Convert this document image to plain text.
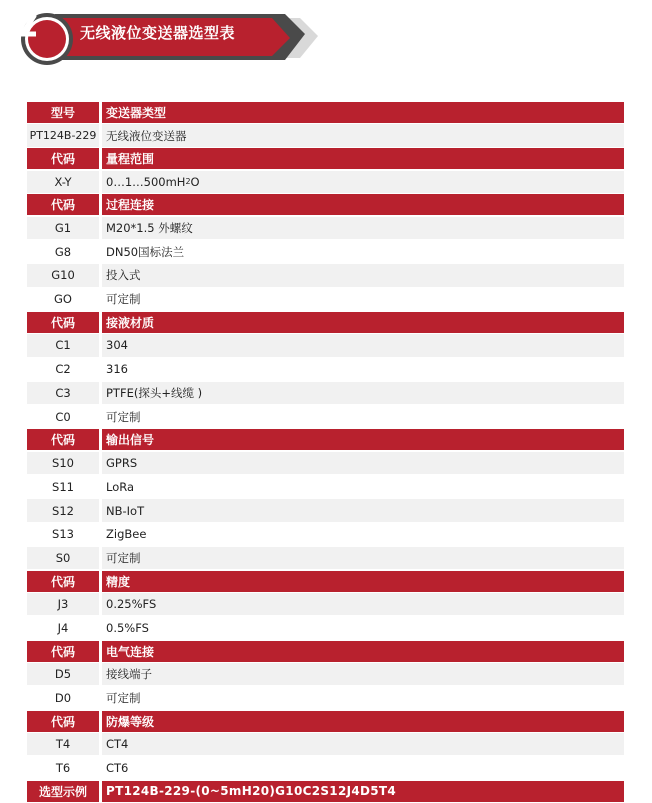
无线液位变送器选型表
型号	变送器类型
PT124B-229 无线液位变送器
代码	量程范围
X-Y	0…1…500mH 2 O
代码	过程连接
G1	M20*1.5 外螺纹
G8	DN50国标法兰
G10	投入式
GO	可定制
代码	接液材质
C1	304
C2	316
C3	PTFE(探头+线缆 )
C0	可定制
代码	输出信号
S10	GPRS
S11	LoRa
S12	NB-IoT
S13	ZigBee
S0	可定制
代码	精度
J3	0.25%FS
J4	0.5%FS
代码	电气连接
D5	接线端子
D0	可定制
代码	防爆等级
T4	CT4
T6	CT6
选型示例	PT124B-229-(0~5mH20)G10C2S12J4D5T4
